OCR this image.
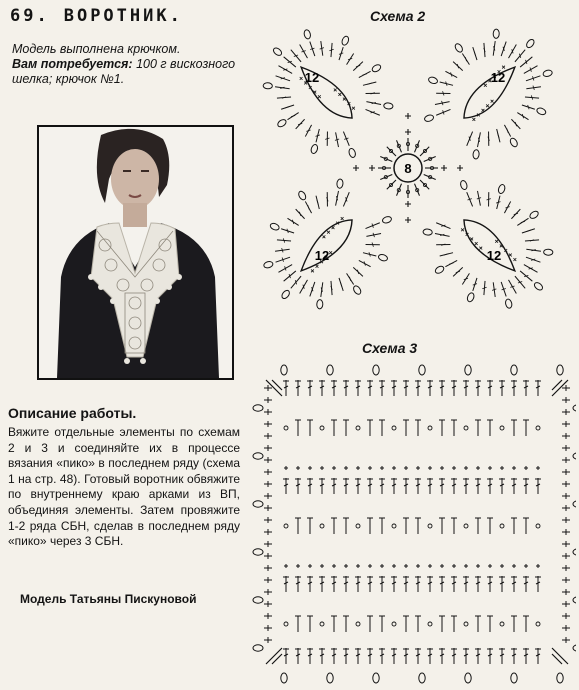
69. ВОРОТНИК.
Модель выполнена крючком.
Вам потребуется: 100 г вискозного шелка; крючок №1.
Описание работы.
Вяжите отдельные элементы по схемам 2 и 3 и соединяйте их в процессе вязания «пико» в последнем ряду (схема 1 на стр. 48). Готовый воротник обвяжите по внутреннему краю арками из ВП, объединяя элементы. Затем провяжите 1-2 ряда СБН, сделав в последнем ряду «пико» через 3 СБН.
Модель Татьяны Пискуновой
Схема 2
Схема 3
8
12	12
12	12
